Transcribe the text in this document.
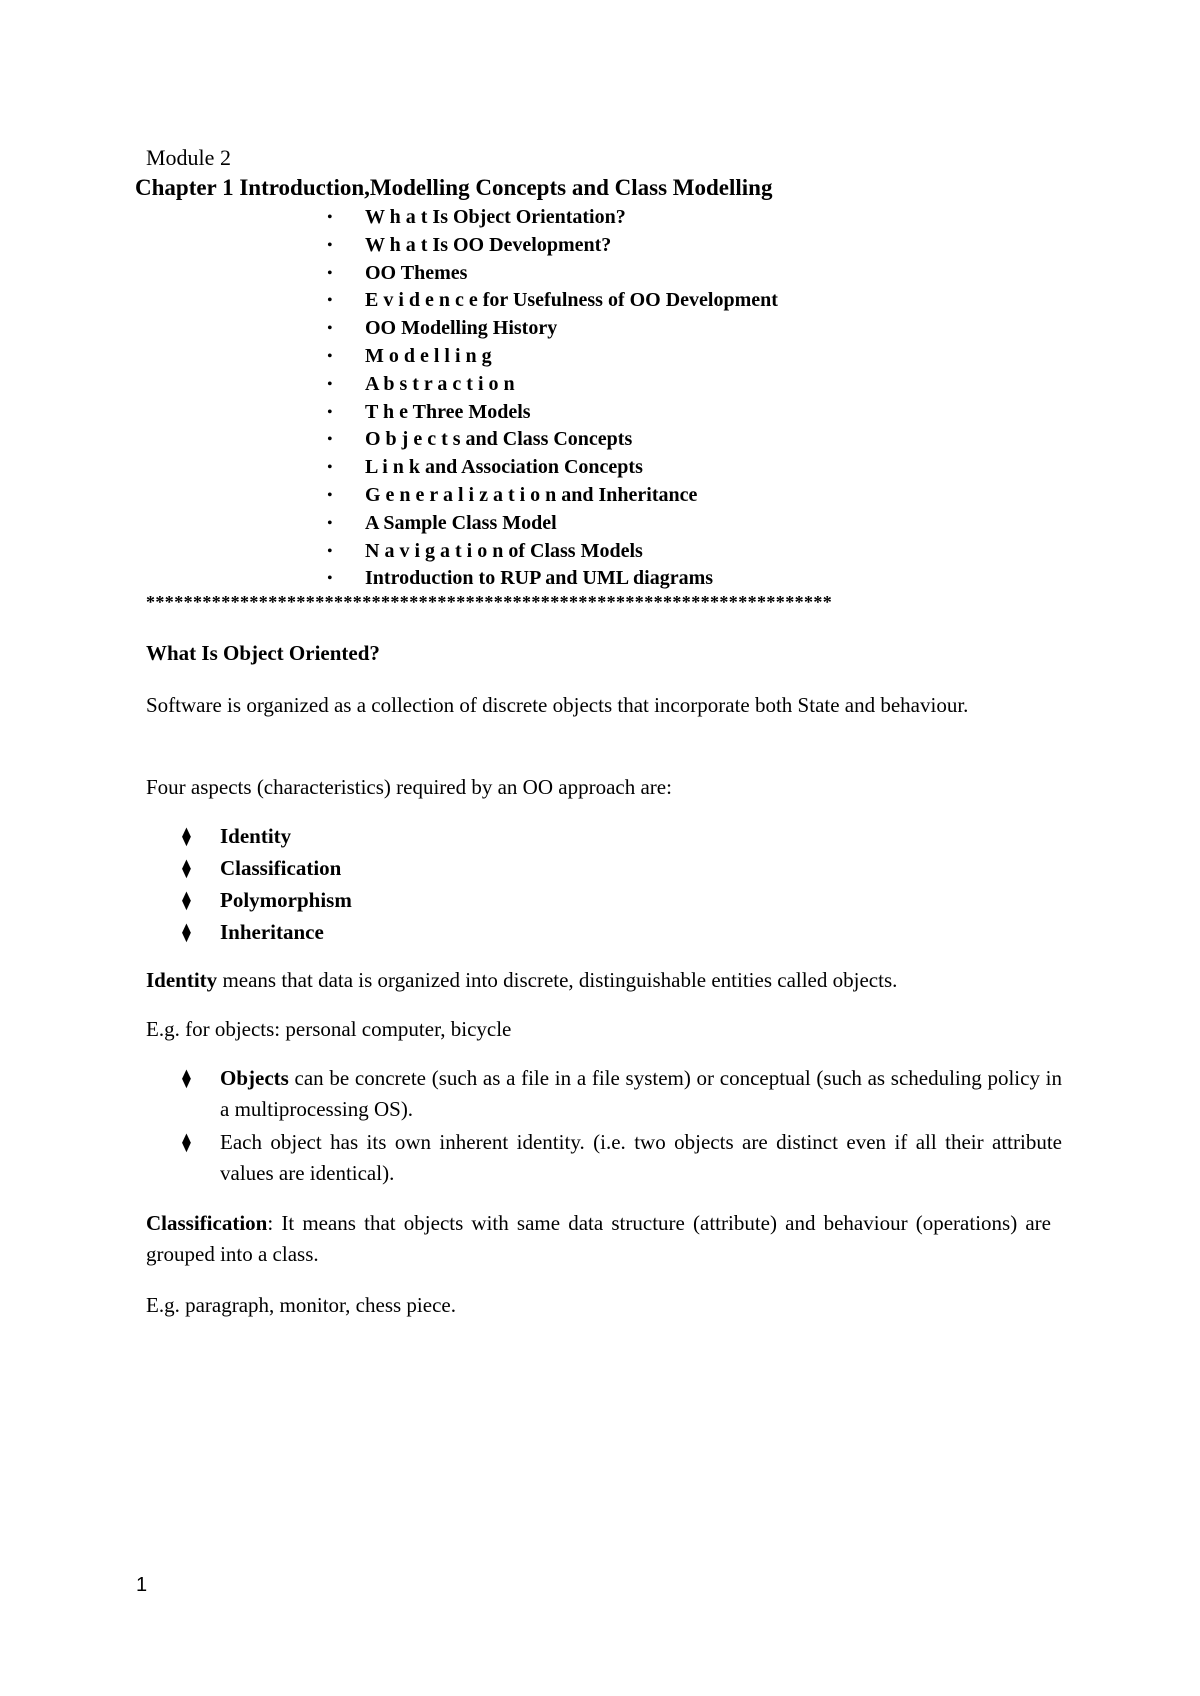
Module 2
Chapter 1 Introduction,Modelling Concepts and Class Modelling
• W h a t Is Object Orientation?
• W h a t Is OO Development?
• OO Themes
• E v i d e n c e for Usefulness of OO Development
• OO Modelling History
• M o d e l l i n g
• A b s t r a c t i o n
• T h e Three Models
• O b j e c t s and Class Concepts
• L i n k and Association Concepts
• G e n e r a l i z a t i o n and Inheritance
• A Sample Class Model
• N a v i g a t i o n of Class Models
• Introduction to RUP and UML diagrams
*************************************************************************
What Is Object Oriented?

Software is organized as a collection of discrete objects that incorporate both State and behaviour.

Four aspects (characteristics) required by an OO approach are:

⧫ Identity
⧫ Classification
⧫ Polymorphism
⧫ Inheritance

Identity means that data is organized into discrete, distinguishable entities called objects.

E.g. for objects: personal computer, bicycle

⧫ Objects can be concrete (such as a file in a file system) or conceptual (such as scheduling policy in a multiprocessing OS).
⧫ Each object has its own inherent identity. (i.e. two objects are distinct even if all their attribute values are identical).

Classification: It means that objects with same data structure (attribute) and behaviour (operations) are grouped into a class.

E.g. paragraph, monitor, chess piece.

1
